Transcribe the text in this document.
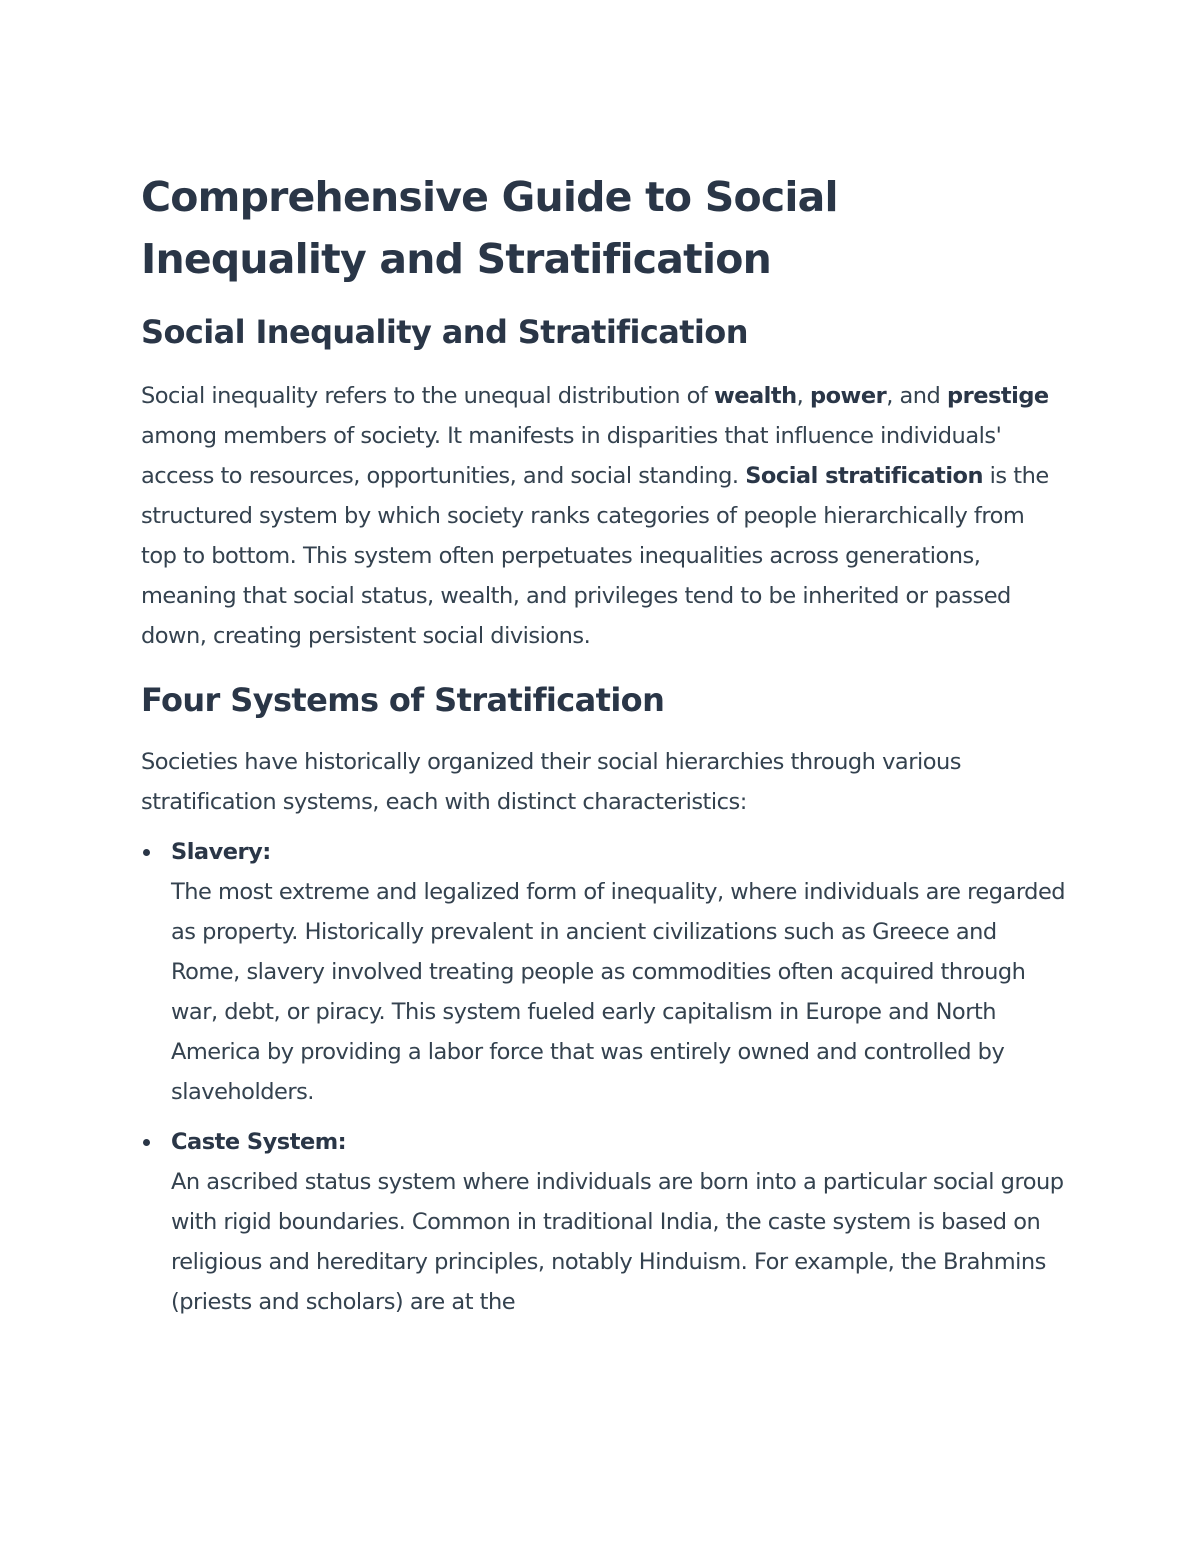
Comprehensive Guide to Social Inequality and Stratification
Social Inequality and Stratification

Social inequality refers to the unequal distribution of wealth, power, and prestige among members of society. It manifests in disparities that influence individuals' access to resources, opportunities, and social standing. Social stratification is the structured system by which society ranks categories of people hierarchically from top to bottom. This system often perpetuates inequalities across generations, meaning that social status, wealth, and privileges tend to be inherited or passed down, creating persistent social divisions.

Four Systems of Stratification

Societies have historically organized their social hierarchies through various stratification systems, each with distinct characteristics:

Slavery:
The most extreme and legalized form of inequality, where individuals are regarded as property. Historically prevalent in ancient civilizations such as Greece and Rome, slavery involved treating people as commodities often acquired through war, debt, or piracy. This system fueled early capitalism in Europe and North America by providing a labor force that was entirely owned and controlled by slaveholders.
Caste System:
An ascribed status system where individuals are born into a particular social group with rigid boundaries. Common in traditional India, the caste system is based on religious and hereditary principles, notably Hinduism. For example, the Brahmins (priests and scholars) are at the
